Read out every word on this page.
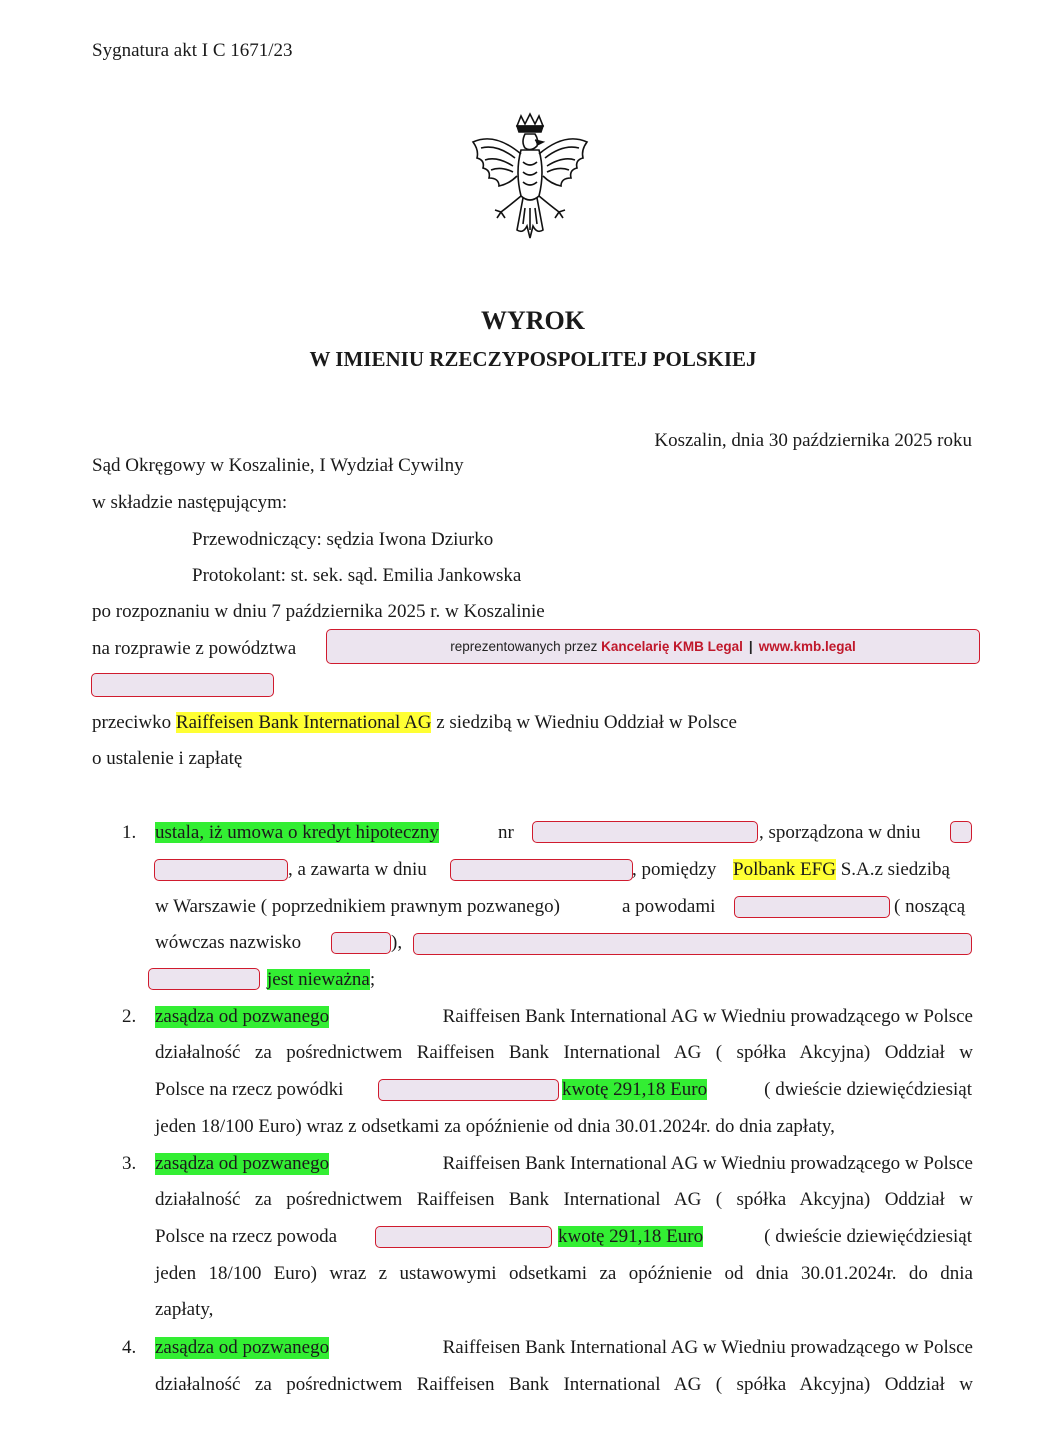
Sygnatura akt I C 1671/23
WYROK
W IMIENIU RZECZYPOSPOLITEJ POLSKIEJ
Koszalin, dnia 30 października 2025 roku
Sąd Okręgowy w Koszalinie, I Wydział Cywilny
w składzie następującym:
Przewodniczący: sędzia Iwona Dziurko
Protokolant: st. sek. sąd. Emilia Jankowska
po rozpoznaniu w dniu 7 października 2025 r. w Koszalinie
na rozprawie z powództwa	reprezentowanych przez
Kancelarię KMB Legal | www.kmb.legal
przeciwko Raiffeisen Bank International AG z siedzibą w Wiedniu Oddział w Polsce
o ustalenie i zapłatę
1. ustala, iż umowa o kredyt hipoteczny	nr	, sporządzona w dniu
, a zawarta w dniu	, pomiędzy Polbank EFG S.A.z siedzibą
w Warszawie ( poprzednikiem prawnym pozwanego)	a powodami	( noszącą
wówczas nazwisko	),
jest nieważna;
2. zasądza od pozwanego	Raiffeisen Bank International AG w Wiedniu prowadzącego w Polsce
działalność za pośrednictwem Raiffeisen Bank International AG ( spółka Akcyjna) Oddział w
Polsce na rzecz powódki	kwotę 291,18 Euro	( dwieście dziewięćdziesiąt
jeden 18/100 Euro) wraz z odsetkami za opóźnienie od dnia 30.01.2024r. do dnia zapłaty,
3. zasądza od pozwanego	Raiffeisen Bank International AG w Wiedniu prowadzącego w Polsce
działalność za pośrednictwem Raiffeisen Bank International AG ( spółka Akcyjna) Oddział w
Polsce na rzecz powoda	kwotę 291,18 Euro	( dwieście dziewięćdziesiąt
jeden 18/100 Euro) wraz z ustawowymi odsetkami za opóźnienie od dnia 30.01.2024r. do dnia
zapłaty,
4. zasądza od pozwanego	Raiffeisen Bank International AG w Wiedniu prowadzącego w Polsce
działalność za pośrednictwem Raiffeisen Bank International AG ( spółka Akcyjna) Oddział w
